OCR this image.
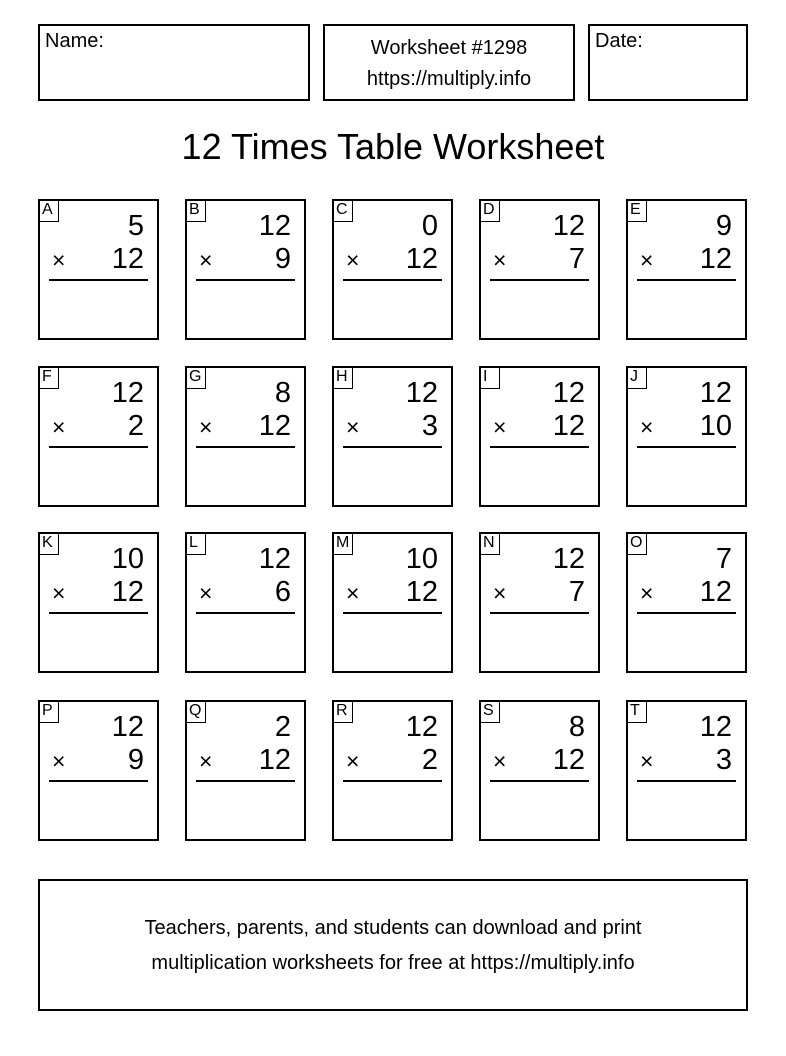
Name:	Worksheet #1298
https://multiply.info
Date:
12 Times Table Worksheet
A
5
× 12
B
12
× 9
C
0
× 12
D
12
× 7
E
9
× 12
F
12
× 2
G
8
× 12
H
12
× 3
I
12
× 12
J
12
× 10
K
10
× 12
L
12
× 6
M
10
× 12
N
12
× 7
O
7
× 12
P
12
× 9
Q
2
× 12
R
12
× 2
S
8
× 12
T
12
× 3
Teachers, parents, and students can download and print
multiplication worksheets for free at https://multiply.info
